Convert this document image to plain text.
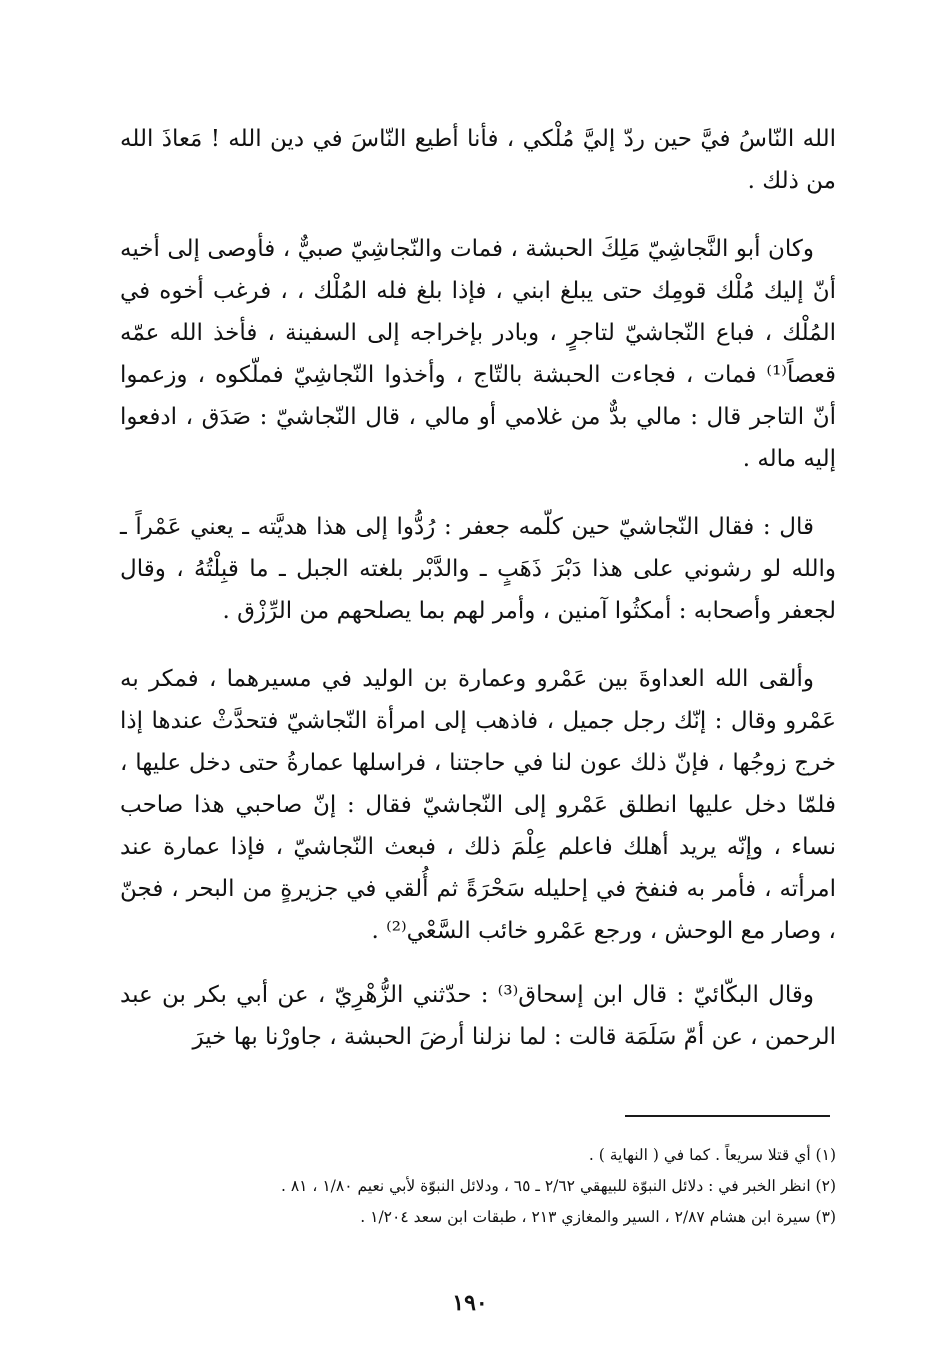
الله النّاسُ فيَّ حين ردّ إليَّ مُلْكي ، فأنا أطيع النّاسَ في دين الله ! مَعاذَ الله من ذلك .

وكان أبو النَّجاشِيّ مَلِكَ الحبشة ، فمات والنّجاشِيّ صبيٌّ ، فأوصى إلى أخيه أنّ إليك مُلْك قومِك حتى يبلغ ابني ، فإذا بلغ فله المُلْك ، ، فرغب أخوه في المُلْك ، فباع النّجاشيّ لتاجرٍ ، وبادر بإخراجه إلى السفينة ، فأخذ الله عمّه قعصاً⁽¹⁾ فمات ، فجاءت الحبشة بالتّاج ، وأخذوا النّجاشِيّ فملّكوه ، وزعموا أنّ التاجر قال : مالي بدٌّ من غلامي أو مالي ، قال النّجاشيّ : صَدَق ، ادفعوا إليه ماله .

قال : فقال النّجاشيّ حين كلّمه جعفر : رُدُّوا إلى هذا هديَّته ـ يعني عَمْراً ـ والله لو رشوني على هذا دَبْرَ ذَهَبٍ ـ والدَّبْر بلغته الجبل ـ ما قبِلْتُهُ ، وقال لجعفر وأصحابه : أمكثُوا آمنين ، وأمر لهم بما يصلحهم من الرِّزْق .

وألقى الله العداوةَ بين عَمْرو وعمارة بن الوليد في مسيرهما ، فمكر به عَمْرو وقال : إنّك رجل جميل ، فاذهب إلى امرأة النّجاشيّ فتحدَّثْ عندها إذا خرج زوجُها ، فإنّ ذلك عون لنا في حاجتنا ، فراسلها عمارةُ حتى دخل عليها ، فلمّا دخل عليها انطلق عَمْرو إلى النّجاشيّ فقال : إنّ صاحبي هذا صاحب نساء ، وإنّه يريد أهلك فاعلم عِلْمَ ذلك ، فبعث النّجاشيّ ، فإذا عمارة عند امرأته ، فأمر به فنفخ في إحليله سَحْرَةً ثم أُلقي في جزيرةٍ من البحر ، فجنّ ، وصار مع الوحش ، ورجع عَمْرو خائب السَّعْي⁽²⁾ .

وقال البكّائيّ : قال ابن إسحاق⁽³⁾ : حدّثني الزُّهْرِيّ ، عن أبي بكر بن عبد الرحمن ، عن أمّ سَلَمَة قالت : لما نزلنا أرضَ الحبشة ، جاورْنا بها خيرَ

(١) أي قتلا سريعاً . كما في ( النهاية ) .
(٢) انظر الخبر في : دلائل النبوّة للبيهقي ٢/٦٢ ـ ٦٥ ، ودلائل النبوّة لأبي نعيم ١/٨٠ ، ٨١ .
(٣) سيرة ابن هشام ٢/٨٧ ، السير والمغازي ٢١٣ ، طبقات ابن سعد ١/٢٠٤ .
١٩٠
